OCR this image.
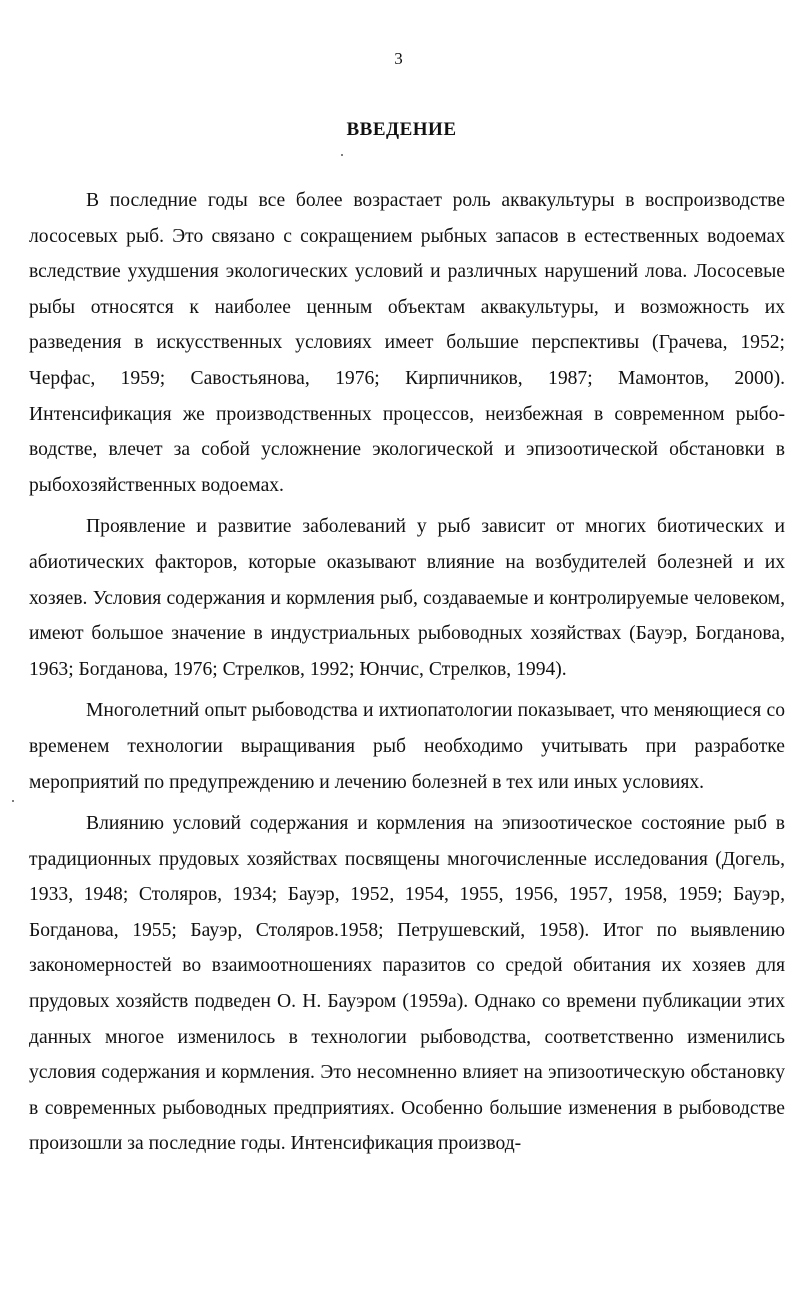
3
ВВЕДЕНИЕ

В последние годы все более возрастает роль аквакультуры в воспроизводстве лососевых рыб. Это связано с сокращением рыбных запасов в естественных водоемах вследствие ухудшения экологических условий и различных нарушений лова. Лососевые рыбы относятся к наиболее ценным объектам аквакультуры, и возможность их разведения в искусственных условиях имеет большие перспективы (Грачева, 1952; Черфас, 1959; Савостьянова, 1976; Кирпичников, 1987; Мамонтов, 2000). Интенсификация же производственных процессов, неизбежная в современном рыбоводстве, влечет за собой усложнение экологической и эпизоотической обстановки в рыбохозяйственных водоемах.

Проявление и развитие заболеваний у рыб зависит от многих биотических и абиотических факторов, которые оказывают влияние на возбудителей болезней и их хозяев. Условия содержания и кормления рыб, создаваемые и контролируемые человеком, имеют большое значение в индустриальных рыбоводных хозяйствах (Бауэр, Богданова, 1963; Богданова, 1976; Стрелков, 1992; Юнчис, Стрелков, 1994).

Многолетний опыт рыбоводства и ихтиопатологии показывает, что меняющиеся со временем технологии выращивания рыб необходимо учитывать при разработке мероприятий по предупреждению и лечению болезней в тех или иных условиях.

Влиянию условий содержания и кормления на эпизоотическое состояние рыб в традиционных прудовых хозяйствах посвящены многочисленные исследования (Догель, 1933, 1948; Столяров, 1934; Бауэр, 1952, 1954, 1955, 1956, 1957, 1958, 1959; Бауэр, Богданова, 1955; Бауэр, Столяров.1958; Петрушевский, 1958). Итог по выявлению закономерностей во взаимоотношениях паразитов со средой обитания их хозяев для прудовых хозяйств подведен О. Н. Бауэром (1959а). Однако со времени публикации этих данных многое изменилось в технологии рыбоводства, соответственно изменились условия содержания и кормления. Это несомненно влияет на эпизоотическую обстановку в современных рыбоводных предприятиях. Особенно большие изменения в рыбоводстве произошли за последние годы. Интенсификация производ-
